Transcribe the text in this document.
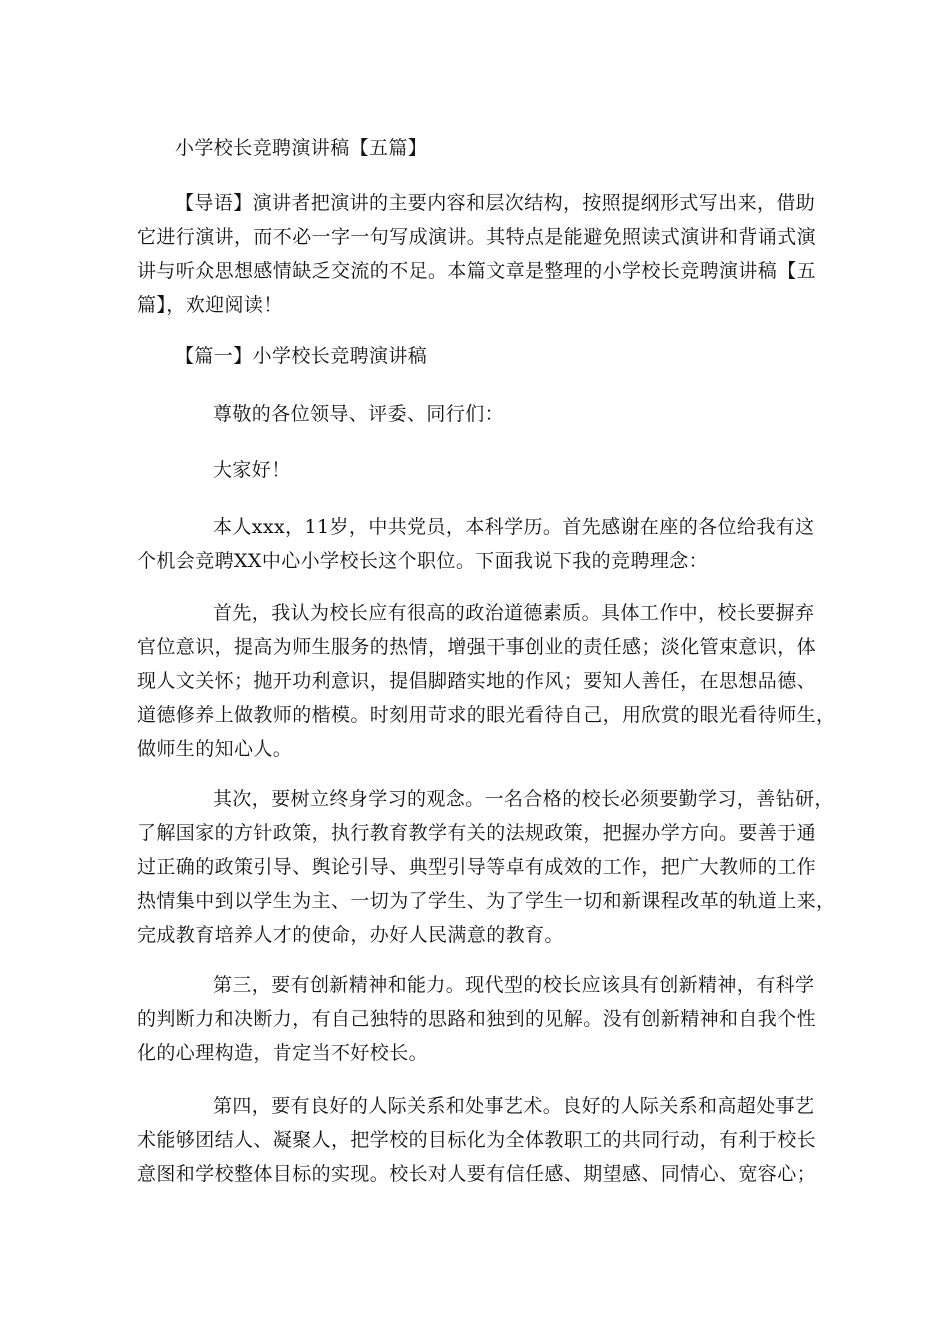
小学校长竞聘演讲稿【五篇】
【导语】演讲者把演讲的主要内容和层次结构，按照提纲形式写出来，借助
它进行演讲，而不必一字一句写成演讲。其特点是能避免照读式演讲和背诵式演
讲与听众思想感情缺乏交流的不足。本篇文章是整理的小学校长竞聘演讲稿【五
篇】，欢迎阅读！
【篇一】小学校长竞聘演讲稿
尊敬的各位领导、评委、同行们：
大家好！
本人xxx，11岁，中共党员，本科学历。首先感谢在座的各位给我有这
个机会竞聘XX中心小学校长这个职位。下面我说下我的竞聘理念：
首先，我认为校长应有很高的政治道德素质。具体工作中，校长要摒弃
官位意识，提高为师生服务的热情，增强干事创业的责任感；淡化管束意识，体
现人文关怀；抛开功利意识，提倡脚踏实地的作风；要知人善任，在思想品德、
道德修养上做教师的楷模。时刻用苛求的眼光看待自己，用欣赏的眼光看待师生，
做师生的知心人。
其次，要树立终身学习的观念。一名合格的校长必须要勤学习，善钻研，
了解国家的方针政策，执行教育教学有关的法规政策，把握办学方向。要善于通
过正确的政策引导、舆论引导、典型引导等卓有成效的工作，把广大教师的工作
热情集中到以学生为主、一切为了学生、为了学生一切和新课程改革的轨道上来，
完成教育培养人才的使命，办好人民满意的教育。
第三，要有创新精神和能力。现代型的校长应该具有创新精神，有科学
的判断力和决断力，有自己独特的思路和独到的见解。没有创新精神和自我个性
化的心理构造，肯定当不好校长。
第四，要有良好的人际关系和处事艺术。良好的人际关系和高超处事艺
术能够团结人、凝聚人，把学校的目标化为全体教职工的共同行动，有利于校长
意图和学校整体目标的实现。校长对人要有信任感、期望感、同情心、宽容心；
